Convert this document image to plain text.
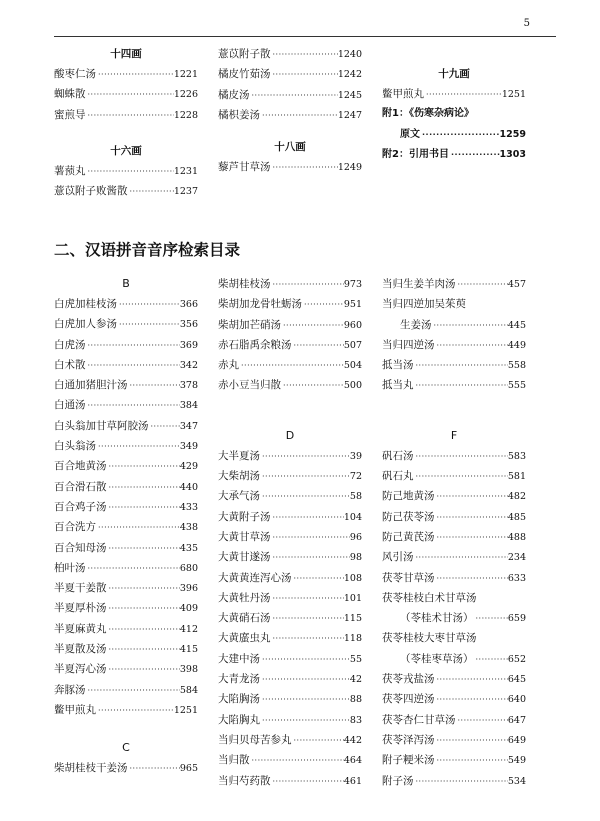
5
十四画
酸枣仁汤 ·····	1221
蜘蛛散 ·····	1226
蜜煎导 ·····	1228
十六画
薯蓣丸 ·····	1231
薏苡附子败酱散 ·····	1237
薏苡附子散 ·····	1240
橘皮竹茹汤 ·····	1242
橘皮汤 ·····	1245
橘枳姜汤 ·····	1247
十八画
藜芦甘草汤 ·····	1249
十九画
鳖甲煎丸 ·····	1251
附1：《伤寒杂病论》
原文 ·····	1259
附2：引用书目 ·····	1303
二、汉语拼音音序检索目录
B
白虎加桂枝汤 ·····	366
白虎加人参汤 ·····	356
白虎汤 ·····	369
白术散 ·····	342
白通加猪胆汁汤 ·····	378
白通汤 ·····	384
白头翁加甘草阿胶汤 ·····	347
白头翁汤 ·····	349
百合地黄汤 ·····	429
百合滑石散 ·····	440
百合鸡子汤 ·····	433
百合洗方 ·····	438
百合知母汤 ·····	435
柏叶汤 ·····	680
半夏干姜散 ·····	396
半夏厚朴汤 ·····	409
半夏麻黄丸 ·····	412
半夏散及汤 ·····	415
半夏泻心汤 ·····	398
奔豚汤 ·····	584
鳖甲煎丸 ·····	1251
C
柴胡桂枝干姜汤 ·····	965
柴胡桂枝汤 ·····	973
柴胡加龙骨牡蛎汤 ·····	951
柴胡加芒硝汤 ·····	960
赤石脂禹余粮汤 ·····	507
赤丸 ·····	504
赤小豆当归散 ·····	500
D
大半夏汤 ·····	39
大柴胡汤 ·····	72
大承气汤 ·····	58
大黄附子汤 ·····	104
大黄甘草汤 ·····	96
大黄甘遂汤 ·····	98
大黄黄连泻心汤 ·····	108
大黄牡丹汤 ·····	101
大黄硝石汤 ·····	115
大黄䗪虫丸 ·····	118
大建中汤 ·····	55
大青龙汤 ·····	42
大陷胸汤 ·····	88
大陷胸丸 ·····	83
当归贝母苦参丸 ·····	442
当归散 ·····	464
当归芍药散 ·····	461
当归生姜羊肉汤 ·····	457
当归四逆加吴茱萸
生姜汤 ·····	445
当归四逆汤 ·····	449
抵当汤 ·····	558
抵当丸 ·····	555
F
矾石汤 ·····	583
矾石丸 ·····	581
防己地黄汤 ·····	482
防己茯苓汤 ·····	485
防己黄芪汤 ·····	488
风引汤 ·····	234
茯苓甘草汤 ·····	633
茯苓桂枝白术甘草汤
（苓桂术甘汤） ·····	659
茯苓桂枝大枣甘草汤
（苓桂枣草汤） ·····	652
茯苓戎盐汤 ·····	645
茯苓四逆汤 ·····	640
茯苓杏仁甘草汤 ·····	647
茯苓泽泻汤 ·····	649
附子粳米汤 ·····	549
附子汤 ·····	534
